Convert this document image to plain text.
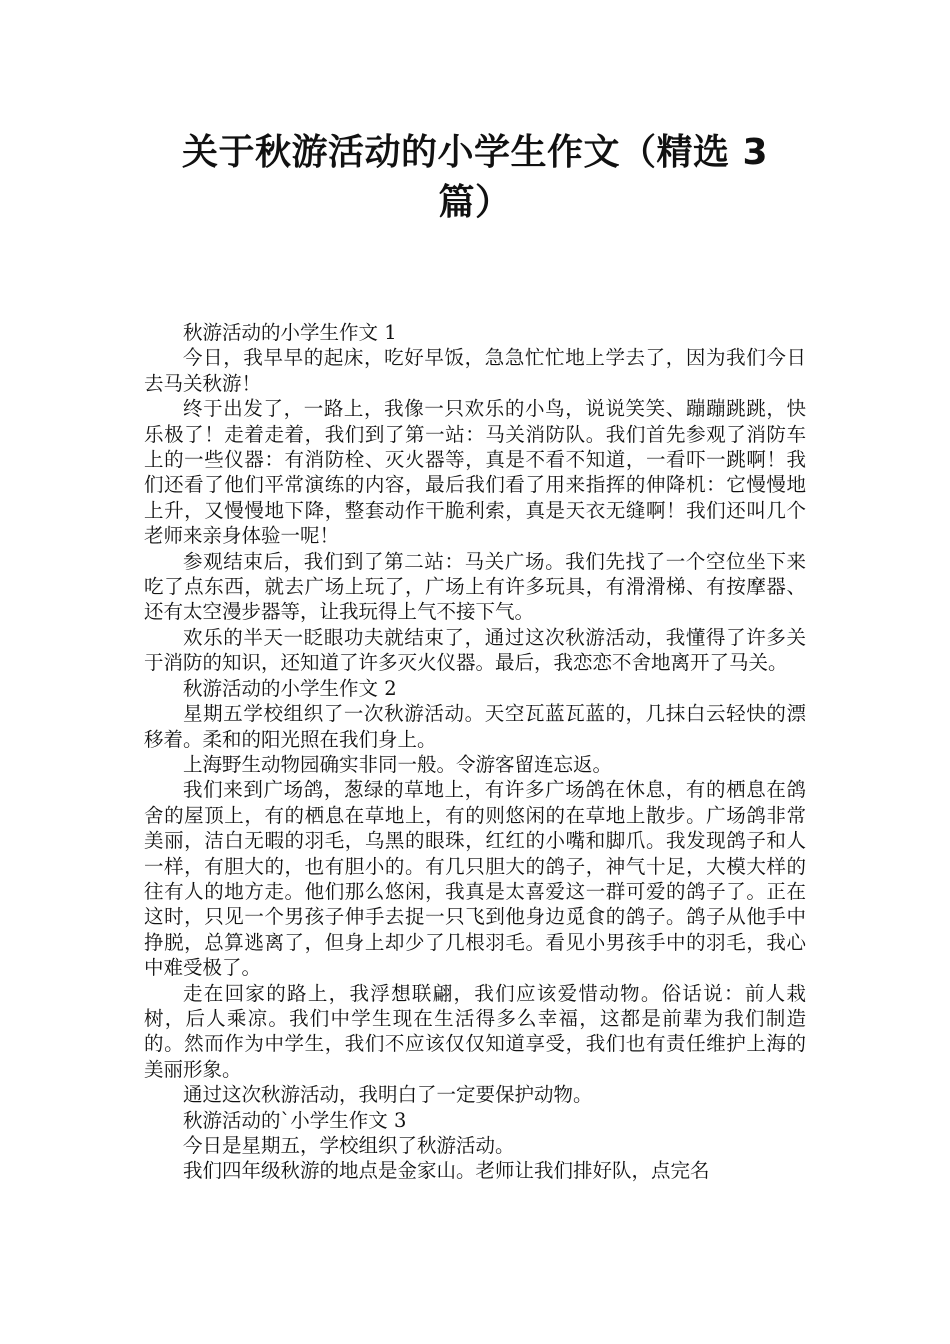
关于秋游活动的小学生作文（精选 3 篇）

秋游活动的小学生作文 1

今日，我早早的起床，吃好早饭，急急忙忙地上学去了，因为我们今日去马关秋游！

终于出发了，一路上，我像一只欢乐的小鸟，说说笑笑、蹦蹦跳跳，快乐极了！走着走着，我们到了第一站：马关消防队。我们首先参观了消防车上的一些仪器：有消防栓、灭火器等，真是不看不知道，一看吓一跳啊！我们还看了他们平常演练的内容，最后我们看了用来指挥的伸降机：它慢慢地上升，又慢慢地下降，整套动作干脆利索，真是天衣无缝啊！我们还叫几个老师来亲身体验一呢！

参观结束后，我们到了第二站：马关广场。我们先找了一个空位坐下来吃了点东西，就去广场上玩了，广场上有许多玩具，有滑滑梯、有按摩器、还有太空漫步器等，让我玩得上气不接下气。

欢乐的半天一眨眼功夫就结束了，通过这次秋游活动，我懂得了许多关于消防的知识，还知道了许多灭火仪器。最后，我恋恋不舍地离开了马关。

秋游活动的小学生作文 2

星期五学校组织了一次秋游活动。天空瓦蓝瓦蓝的，几抹白云轻快的漂移着。柔和的阳光照在我们身上。

上海野生动物园确实非同一般。令游客留连忘返。

我们来到广场鸽，葱绿的草地上，有许多广场鸽在休息，有的栖息在鸽舍的屋顶上，有的栖息在草地上，有的则悠闲的在草地上散步。广场鸽非常美丽，洁白无暇的羽毛，乌黑的眼珠，红红的小嘴和脚爪。我发现鸽子和人一样，有胆大的，也有胆小的。有几只胆大的鸽子，神气十足，大模大样的往有人的地方走。他们那么悠闲，我真是太喜爱这一群可爱的鸽子了。正在这时，只见一个男孩子伸手去捉一只飞到他身边觅食的鸽子。鸽子从他手中挣脱，总算逃离了，但身上却少了几根羽毛。看见小男孩手中的羽毛，我心中难受极了。

走在回家的路上，我浮想联翩，我们应该爱惜动物。俗话说：前人栽树，后人乘凉。我们中学生现在生活得多么幸福，这都是前辈为我们制造的。然而作为中学生，我们不应该仅仅知道享受，我们也有责任维护上海的美丽形象。

通过这次秋游活动，我明白了一定要保护动物。

秋游活动的`小学生作文 3

今日是星期五，学校组织了秋游活动。

我们四年级秋游的地点是金家山。老师让我们排好队，点完名
